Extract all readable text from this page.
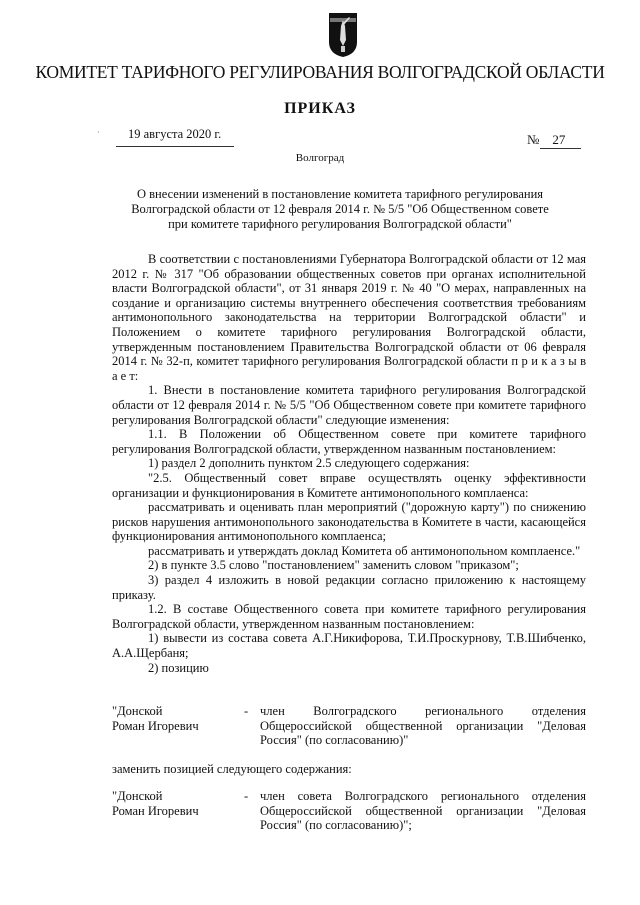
КОМИТЕТ ТАРИФНОГО РЕГУЛИРОВАНИЯ ВОЛГОГРАДСКОЙ ОБЛАСТИ
ПРИКАЗ
· 19 августа 2020 г.	№ 27
Волгоград
О внесении изменений в постановление комитета тарифного регулирования
Волгоградской области от 12 февраля 2014 г. № 5/5 "Об Общественном совете
при комитете тарифного регулирования Волгоградской области"

В соответствии с постановлениями Губернатора Волгоградской области от 12 мая 2012 г. № 317 "Об образовании общественных советов при органах исполнительной власти Волгоградской области", от 31 января 2019 г. № 40 "О мерах, направленных на создание и организацию системы внутреннего обеспечения соответствия требованиям антимонопольного законодательства на территории Волгоградской области" и Положением о комитете тарифного регулирования Волгоградской области, утвержденным постановлением Правительства Волгоградской области от 06 февраля 2014 г. № 32-п, комитет тарифного регулирования Волгоградской области п р и к а з ы в а е т:

1. Внести в постановление комитета тарифного регулирования Волгоградской области от 12 февраля 2014 г. № 5/5 "Об Общественном совете при комитете тарифного регулирования Волгоградской области" следующие изменения:

1.1. В Положении об Общественном совете при комитете тарифного регулирования Волгоградской области, утвержденном названным постановлением:

1) раздел 2 дополнить пунктом 2.5 следующего содержания:

"2.5. Общественный совет вправе осуществлять оценку эффективности организации и функционирования в Комитете антимонопольного комплаенса:

рассматривать и оценивать план мероприятий ("дорожную карту") по снижению рисков нарушения антимонопольного законодательства в Комитете в части, касающейся функционирования антимонопольного комплаенса;

рассматривать и утверждать доклад Комитета об антимонопольном комплаенсе."

2) в пункте 3.5 слово "постановлением" заменить словом "приказом";

3) раздел 4 изложить в новой редакции согласно приложению к настоящему приказу.

1.2. В составе Общественного совета при комитете тарифного регулирования Волгоградской области, утвержденном названным постановлением:

1) вывести из состава совета А.Г.Никифорова, Т.И.Проскурнову, Т.В.Шибченко, А.А.Щербаня;

2) позицию

"Донской
Роман Игоревич
- член Волгоградского регионального отделения Общероссийской общественной организации "Деловая Россия" (по согласованию)"
заменить позицией следующего содержания:
"Донской
Роман Игоревич
- член совета Волгоградского регионального отделения Общероссийской общественной организации "Деловая Россия" (по согласованию)";
